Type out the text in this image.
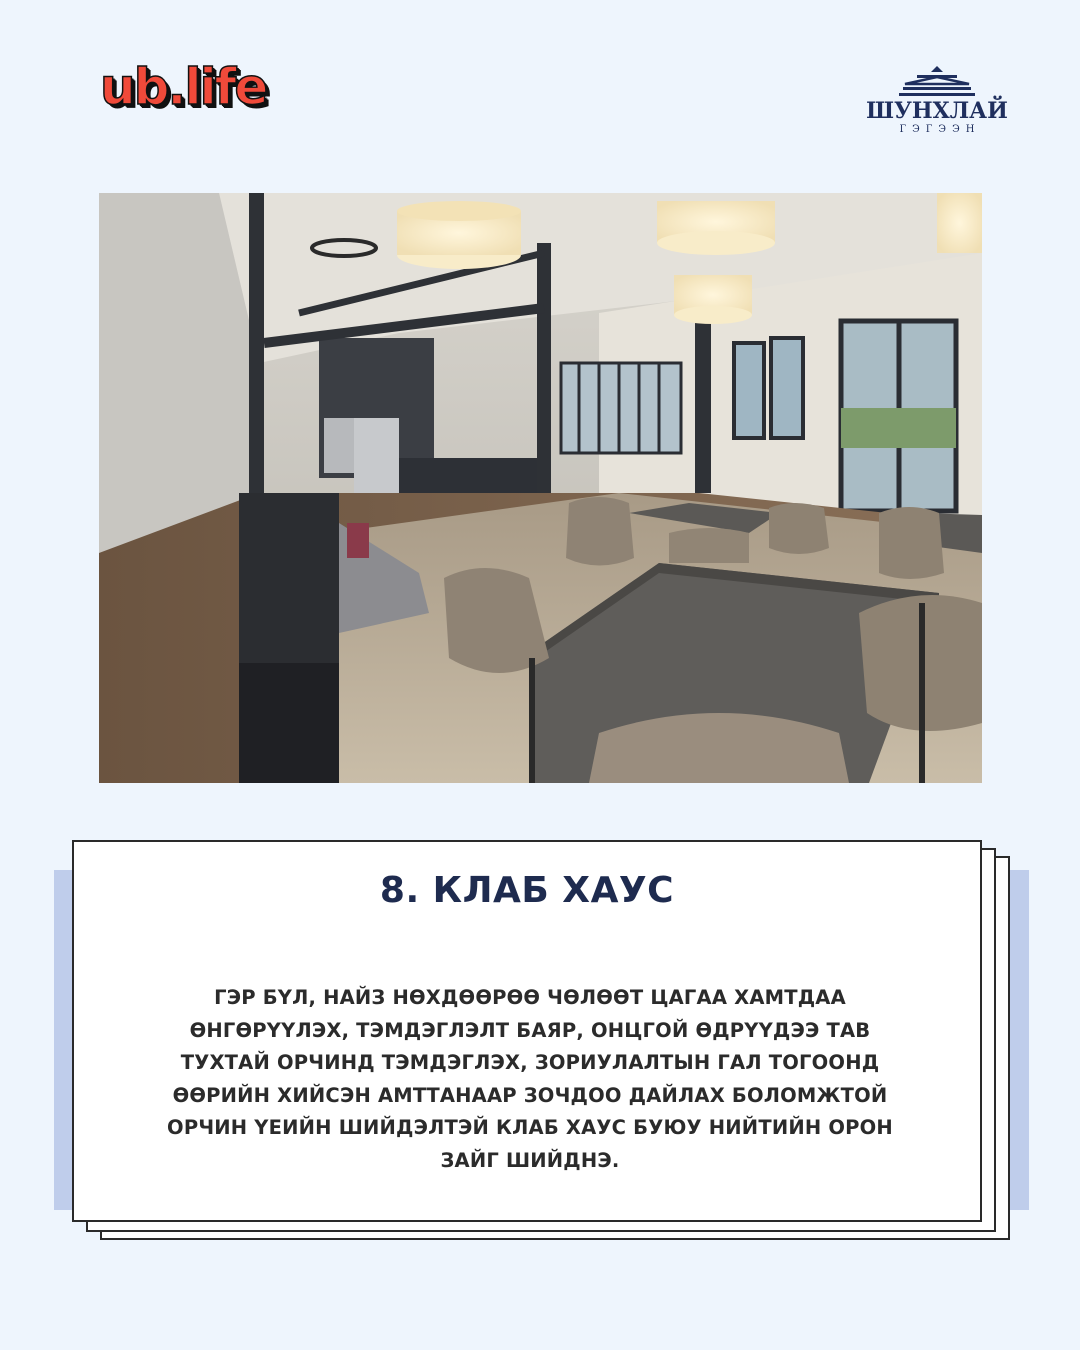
ub.life	ШУНХЛАЙ
ГЭГЭЭН
8. КЛАБ ХАУС
ГЭР БҮЛ, НАЙЗ НӨХДӨӨРӨӨ ЧӨЛӨӨТ ЦАГАА ХАМТДАА ӨНГӨРҮҮЛЭХ, ТЭМДЭГЛЭЛТ БАЯР, ОНЦГОЙ ӨДРҮҮДЭЭ ТАВ ТУХТАЙ ОРЧИНД ТЭМДЭГЛЭХ, ЗОРИУЛАЛТЫН ГАЛ ТОГООНД ӨӨРИЙН ХИЙСЭН АМТТАНААР ЗОЧДОО ДАЙЛАХ БОЛОМЖТОЙ ОРЧИН ҮЕИЙН ШИЙДЭЛТЭЙ КЛАБ ХАУС БУЮУ НИЙТИЙН ОРОН ЗАЙГ ШИЙДНЭ.
